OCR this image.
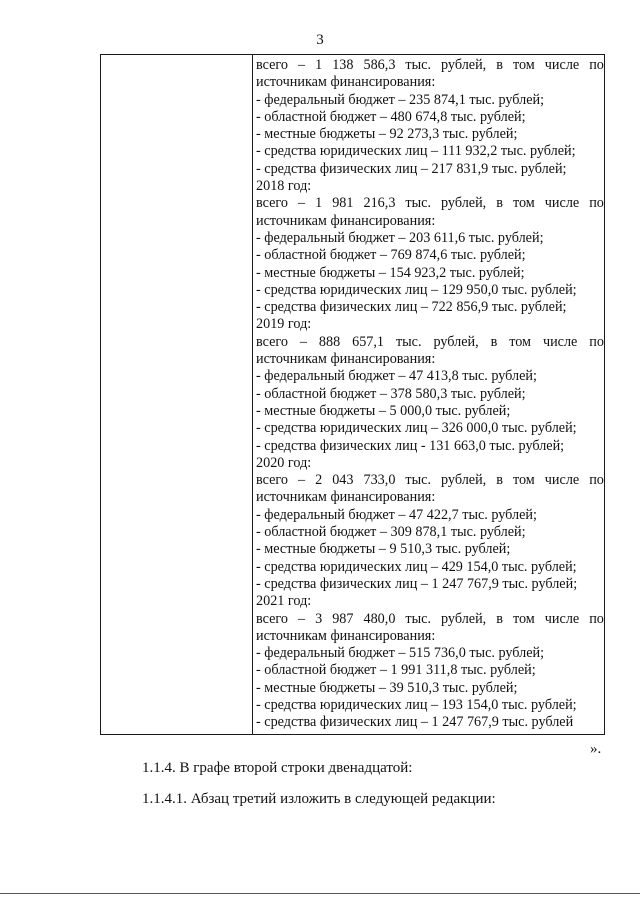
3
всего – 1 138 586,3 тыс. рублей, в том числе по
источникам финансирования:
- федеральный бюджет – 235 874,1 тыс. рублей;
- областной бюджет – 480 674,8 тыс. рублей;
- местные бюджеты – 92 273,3 тыс. рублей;
- средства юридических лиц – 111 932,2 тыс. рублей;
- средства физических лиц – 217 831,9 тыс. рублей;
2018 год:
всего – 1 981 216,3 тыс. рублей, в том числе по
источникам финансирования:
- федеральный бюджет – 203 611,6 тыс. рублей;
- областной бюджет – 769 874,6 тыс. рублей;
- местные бюджеты – 154 923,2 тыс. рублей;
- средства юридических лиц – 129 950,0 тыс. рублей;
- средства физических лиц – 722 856,9 тыс. рублей;
2019 год:
всего – 888 657,1 тыс. рублей, в том числе по
источникам финансирования:
- федеральный бюджет – 47 413,8 тыс. рублей;
- областной бюджет – 378 580,3 тыс. рублей;
- местные бюджеты – 5 000,0 тыс. рублей;
- средства юридических лиц – 326 000,0 тыс. рублей;
- средства физических лиц - 131 663,0 тыс. рублей;
2020 год:
всего – 2 043 733,0 тыс. рублей, в том числе по
источникам финансирования:
- федеральный бюджет – 47 422,7 тыс. рублей;
- областной бюджет – 309 878,1 тыс. рублей;
- местные бюджеты – 9 510,3 тыс. рублей;
- средства юридических лиц – 429 154,0 тыс. рублей;
- средства физических лиц – 1 247 767,9 тыс. рублей;
2021 год:
всего – 3 987 480,0 тыс. рублей, в том числе по
источникам финансирования:
- федеральный бюджет – 515 736,0 тыс. рублей;
- областной бюджет – 1 991 311,8 тыс. рублей;
- местные бюджеты – 39 510,3 тыс. рублей;
- средства юридических лиц – 193 154,0 тыс. рублей;
- средства физических лиц – 1 247 767,9 тыс. рублей
».
1.1.4. В графе второй строки двенадцатой:
1.1.4.1. Абзац третий изложить в следующей редакции:
